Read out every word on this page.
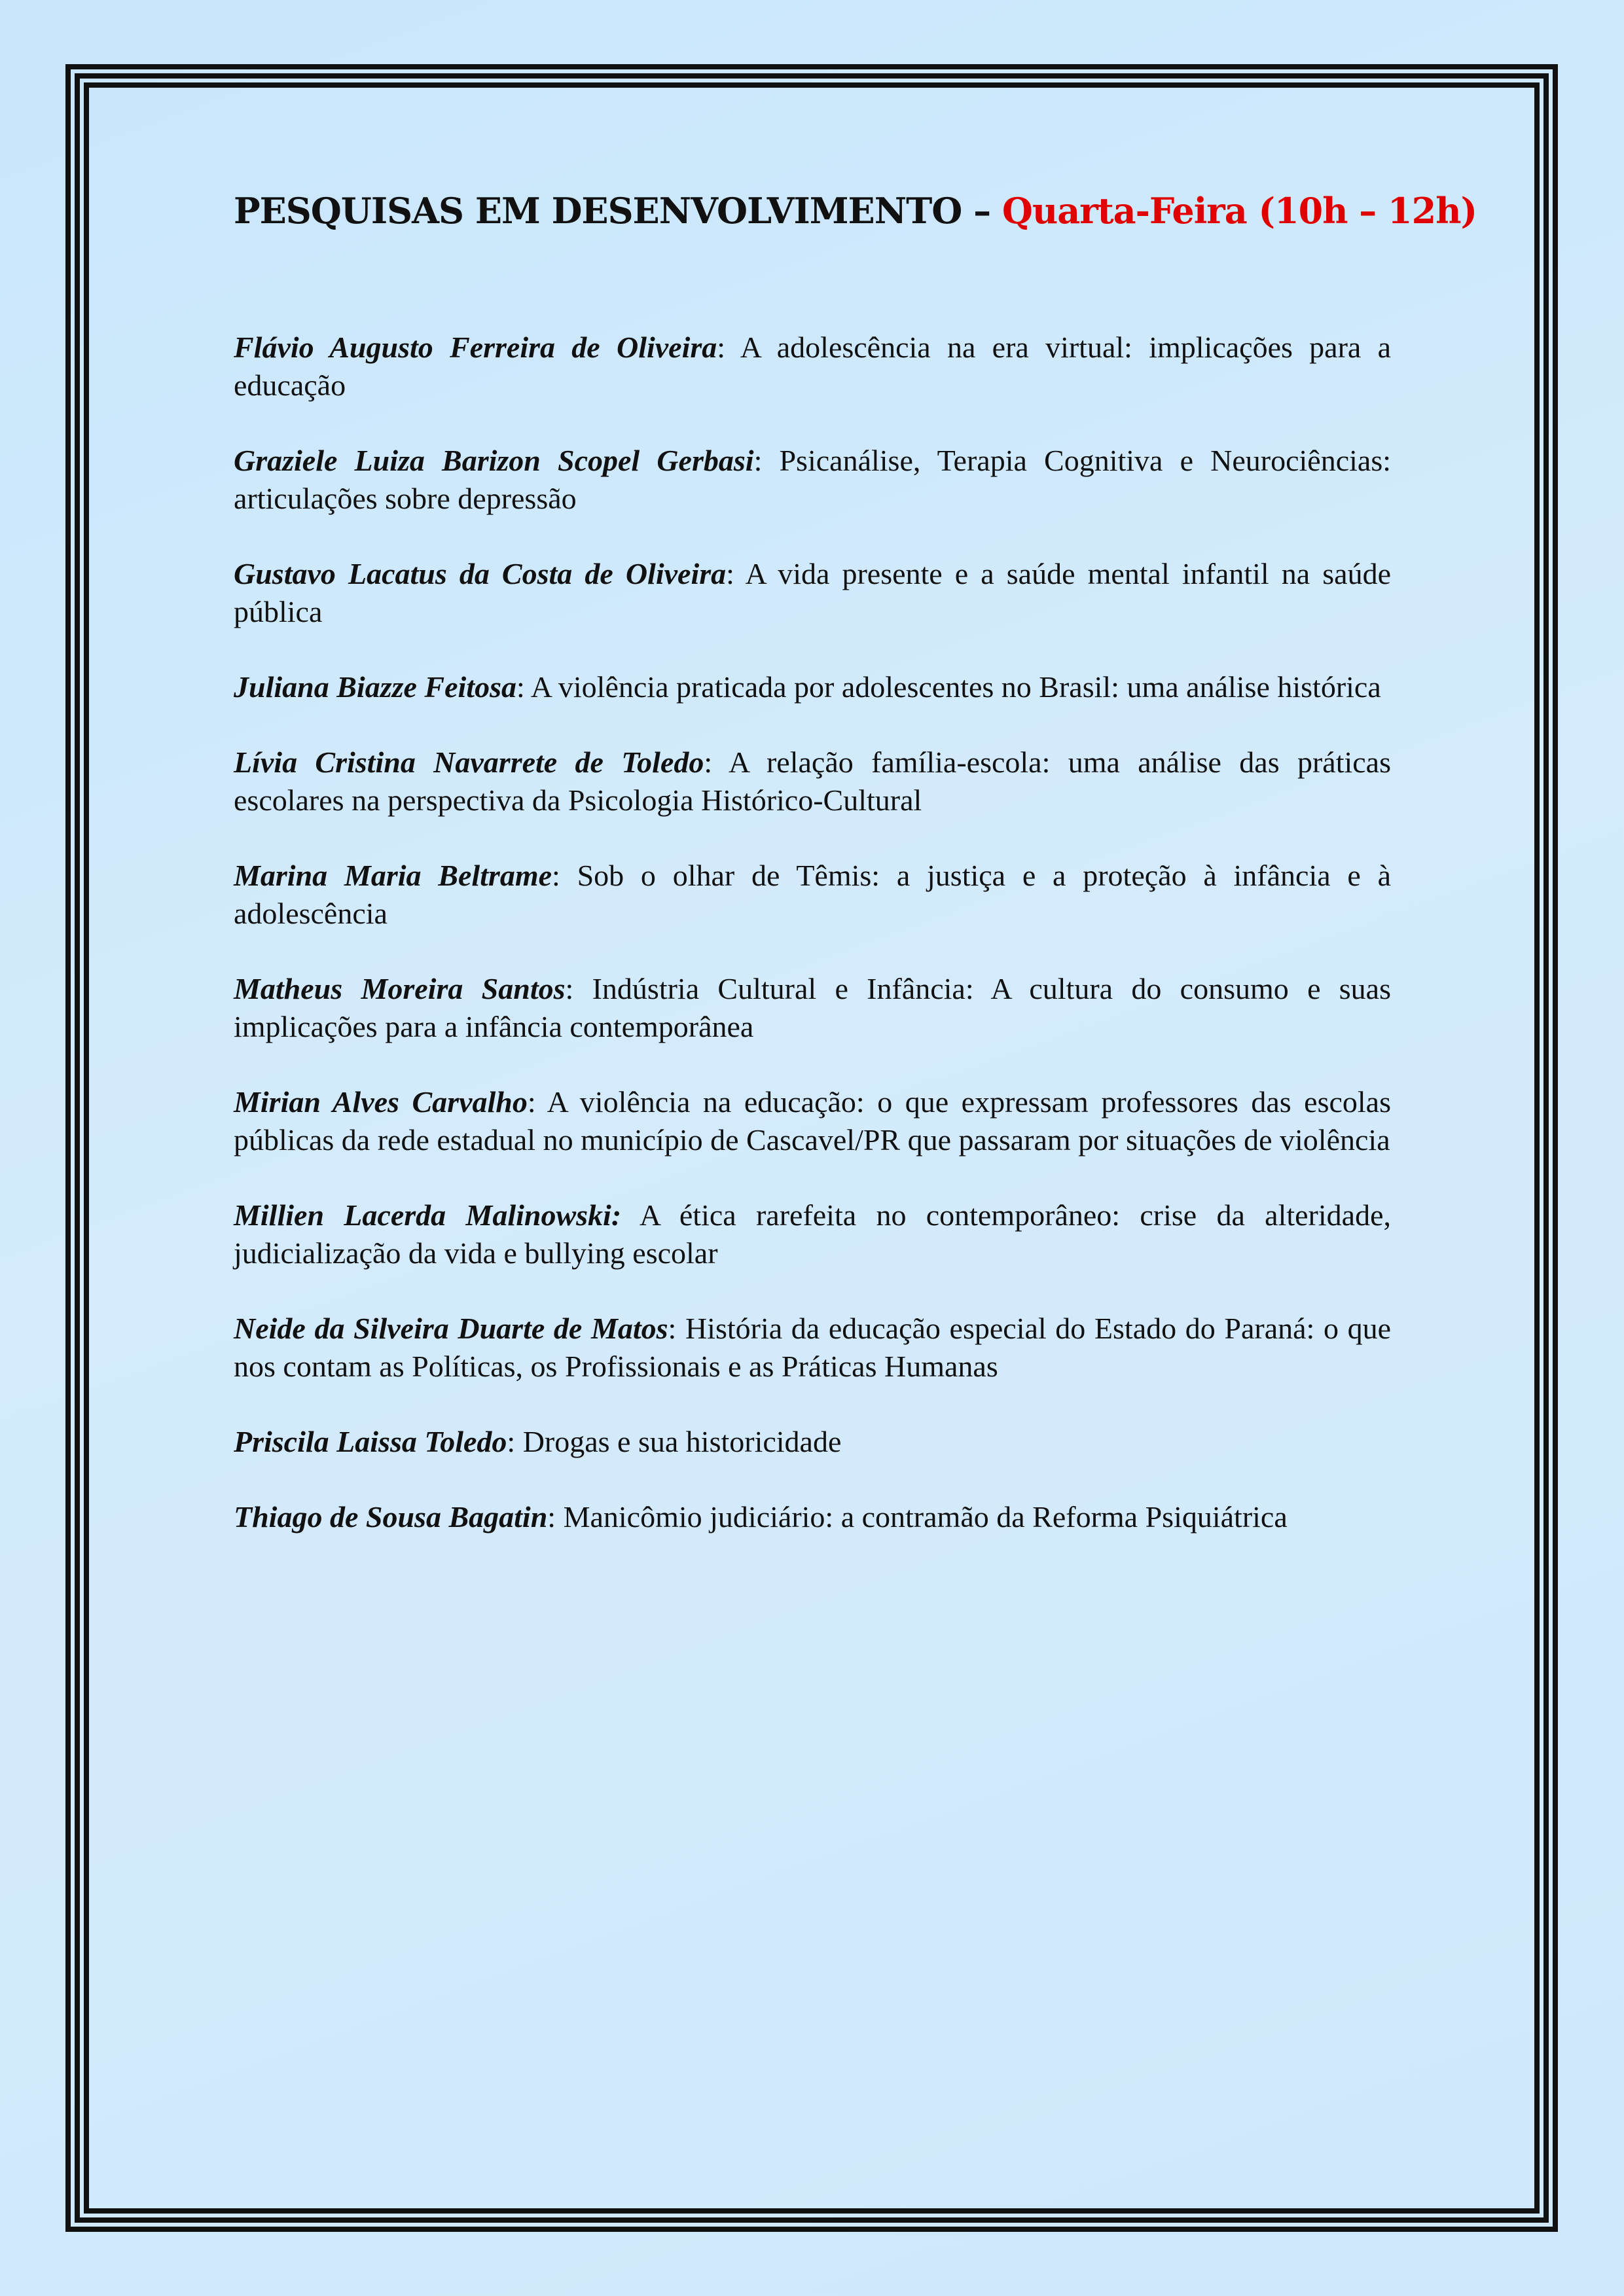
PESQUISAS EM DESENVOLVIMENTO – Quarta-Feira (10h – 12h)

Flávio Augusto Ferreira de Oliveira: A adolescência na era virtual: implicações para a educação

Graziele Luiza Barizon Scopel Gerbasi: Psicanálise, Terapia Cognitiva e Neurociências: articulações sobre depressão

Gustavo Lacatus da Costa de Oliveira: A vida presente e a saúde mental infantil na saúde pública

Juliana Biazze Feitosa: A violência praticada por adolescentes no Brasil: uma análise histórica

Lívia Cristina Navarrete de Toledo: A relação família-escola: uma análise das práticas escolares na perspectiva da Psicologia Histórico-Cultural

Marina Maria Beltrame: Sob o olhar de Têmis: a justiça e a proteção à infância e à adolescência

Matheus Moreira Santos: Indústria Cultural e Infância: A cultura do consumo e suas implicações para a infância contemporânea

Mirian Alves Carvalho: A violência na educação: o que expressam professores das escolas públicas da rede estadual no município de Cascavel/PR que passaram por situações de violência

Millien Lacerda Malinowski: A ética rarefeita no contemporâneo: crise da alteridade, judicialização da vida e bullying escolar

Neide da Silveira Duarte de Matos: História da educação especial do Estado do Paraná: o que nos contam as Políticas, os Profissionais e as Práticas Humanas

Priscila Laissa Toledo: Drogas e sua historicidade

Thiago de Sousa Bagatin: Manicômio judiciário: a contramão da Reforma Psiquiátrica
